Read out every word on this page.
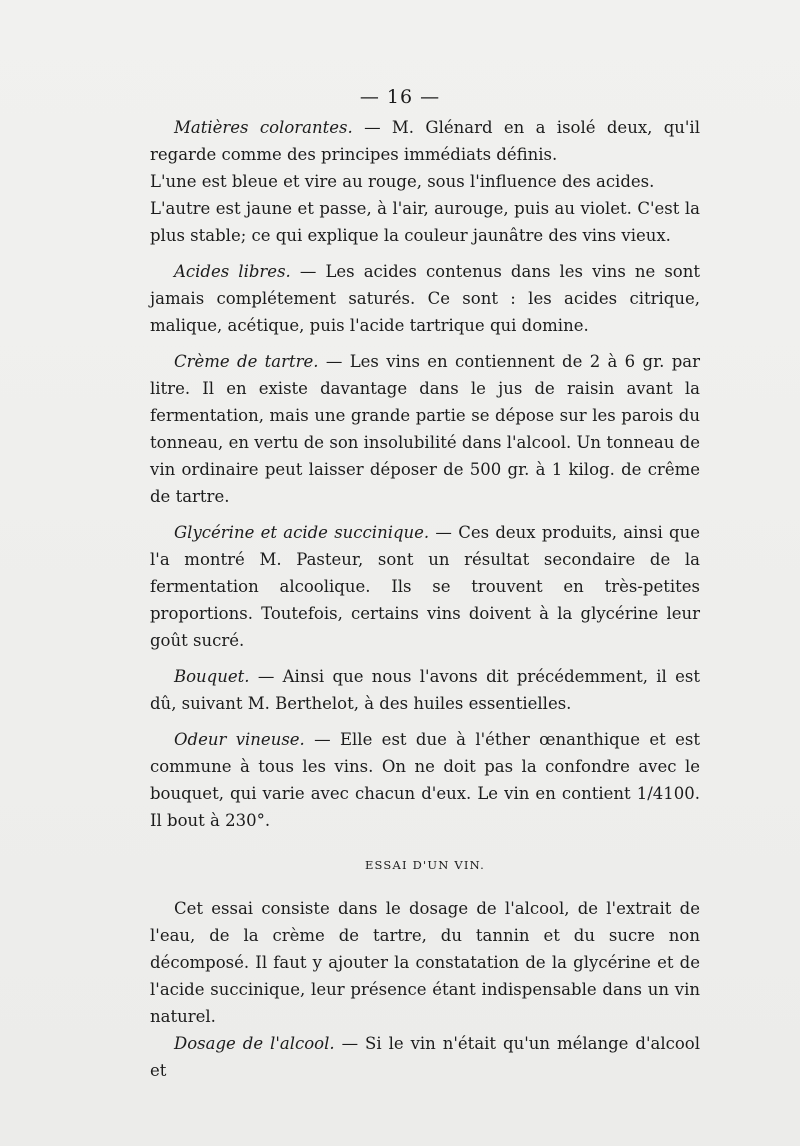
— 16 —

Matières colorantes. — M. Glénard en a isolé deux, qu'il regarde comme des principes immédiats définis.

L'une est bleue et vire au rouge, sous l'influence des acides.

L'autre est jaune et passe, à l'air, aurouge, puis au violet. C'est la plus stable; ce qui explique la couleur jaunâtre des vins vieux.

Acides libres. — Les acides contenus dans les vins ne sont jamais complétement saturés. Ce sont : les acides citrique, malique, acétique, puis l'acide tartrique qui domine.

Crème de tartre. — Les vins en contiennent de 2 à 6 gr. par litre. Il en existe davantage dans le jus de raisin avant la fermentation, mais une grande partie se dépose sur les parois du tonneau, en vertu de son insolubilité dans l'alcool. Un tonneau de vin ordinaire peut laisser déposer de 500 gr. à 1 kilog. de crême de tartre.

Glycérine et acide succinique. — Ces deux produits, ainsi que l'a montré M. Pasteur, sont un résultat secondaire de la fermentation alcoolique. Ils se trouvent en très-petites proportions. Toutefois, certains vins doivent à la glycérine leur goût sucré.

Bouquet. — Ainsi que nous l'avons dit précédemment, il est dû, suivant M. Berthelot, à des huiles essentielles.

Odeur vineuse. — Elle est due à l'éther œnanthique et est commune à tous les vins. On ne doit pas la confondre avec le bouquet, qui varie avec chacun d'eux. Le vin en contient 1/4100. Il bout à 230°.

ESSAI D'UN VIN.

Cet essai consiste dans le dosage de l'alcool, de l'extrait de l'eau, de la crème de tartre, du tannin et du sucre non décomposé. Il faut y ajouter la constatation de la glycérine et de l'acide succinique, leur présence étant indispensable dans un vin naturel.

Dosage de l'alcool. — Si le vin n'était qu'un mélange d'alcool et
